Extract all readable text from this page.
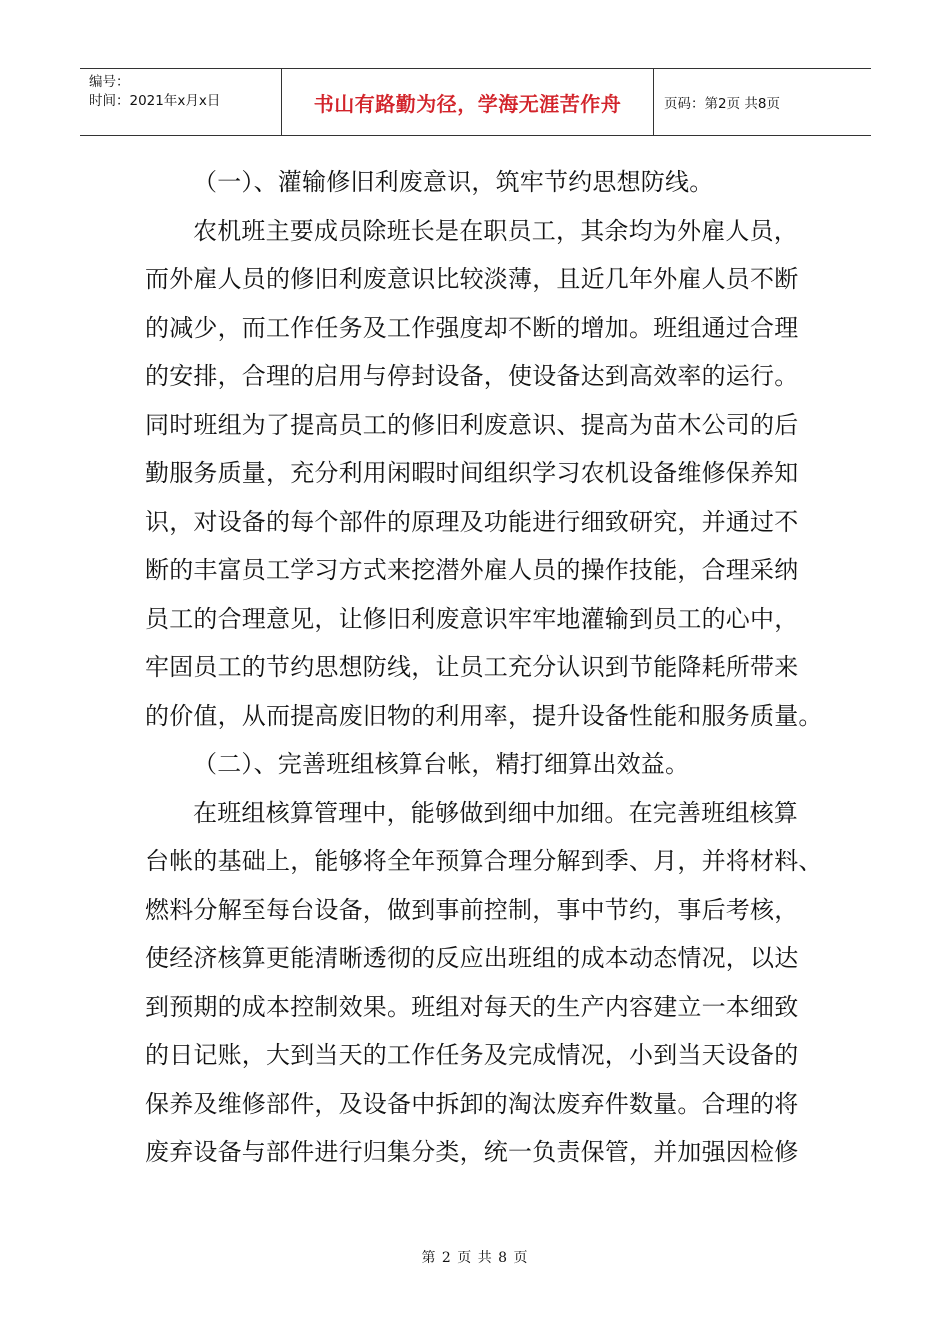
编号：
时间：2021年x月x日	书山有路勤为径，学海无涯苦作舟	页码：第2页 共8页
（一）、灌输修旧利废意识，筑牢节约思想防线。
农机班主要成员除班长是在职员工，其余均为外雇人员，
而外雇人员的修旧利废意识比较淡薄，且近几年外雇人员不断
的减少，而工作任务及工作强度却不断的增加。班组通过合理
的安排，合理的启用与停封设备，使设备达到高效率的运行。
同时班组为了提高员工的修旧利废意识、提高为苗木公司的后
勤服务质量，充分利用闲暇时间组织学习农机设备维修保养知
识，对设备的每个部件的原理及功能进行细致研究，并通过不
断的丰富员工学习方式来挖潜外雇人员的操作技能，合理采纳
员工的合理意见，让修旧利废意识牢牢地灌输到员工的心中，
牢固员工的节约思想防线，让员工充分认识到节能降耗所带来
的价值，从而提高废旧物的利用率，提升设备性能和服务质量。
（二）、完善班组核算台帐，精打细算出效益。
在班组核算管理中，能够做到细中加细。在完善班组核算
台帐的基础上，能够将全年预算合理分解到季、月，并将材料、
燃料分解至每台设备，做到事前控制，事中节约，事后考核，
使经济核算更能清晰透彻的反应出班组的成本动态情况，以达
到预期的成本控制效果。班组对每天的生产内容建立一本细致
的日记账，大到当天的工作任务及完成情况，小到当天设备的
保养及维修部件，及设备中拆卸的淘汰废弃件数量。合理的将
废弃设备与部件进行归集分类，统一负责保管，并加强因检修
第 2 页 共 8 页
